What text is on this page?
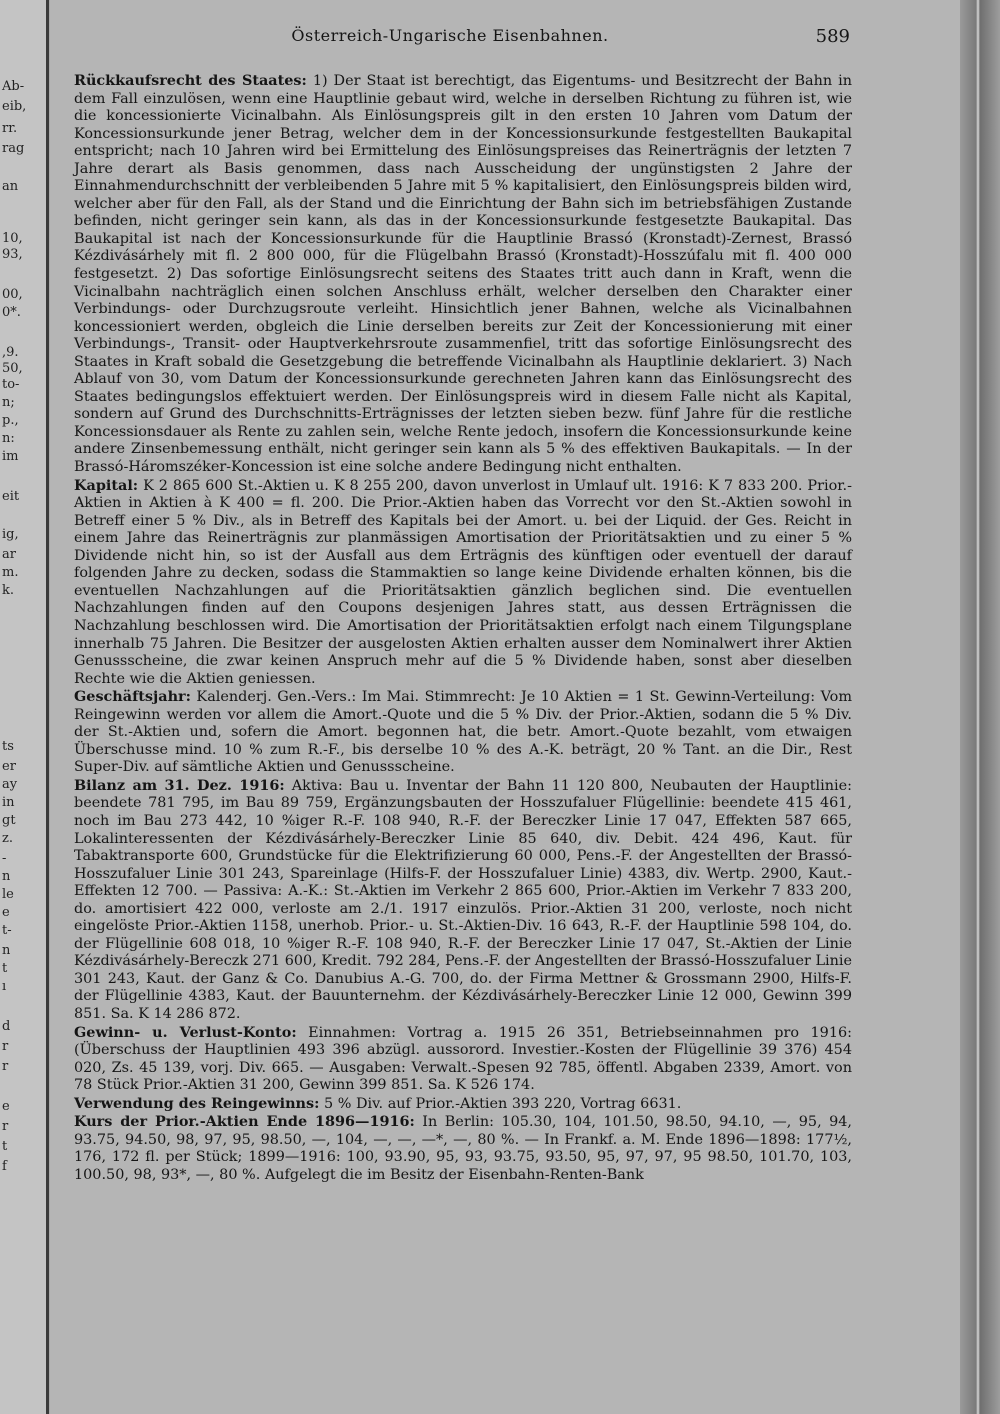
Ab-
eib,
rr.
rag
an
10,
93,
00,
0*.
,9.
50,
to-
n;
p.,
n:
im
eit
ig,
ar
m.
k.
ts
er
ay
in
gt
z.
-
n
le
e
t-
n
t
ı
d
r
r
e
r
t
f
Österreich-Ungarische Eisenbahnen.	589

Rückkaufsrecht des Staates: 1) Der Staat ist berechtigt, das Eigentums- und Besitzrecht der Bahn in dem Fall einzulösen, wenn eine Hauptlinie gebaut wird, welche in derselben Richtung zu führen ist, wie die koncessionierte Vicinalbahn. Als Einlösungspreis gilt in den ersten 10 Jahren vom Datum der Koncessionsurkunde jener Betrag, welcher dem in der Koncessionsurkunde festgestellten Baukapital entspricht; nach 10 Jahren wird bei Ermittelung des Einlösungspreises das Reinerträgnis der letzten 7 Jahre derart als Basis genommen, dass nach Ausscheidung der ungünstigsten 2 Jahre der Einnahmendurchschnitt der verbleibenden 5 Jahre mit 5 % kapitalisiert, den Einlösungspreis bilden wird, welcher aber für den Fall, als der Stand und die Einrichtung der Bahn sich im betriebsfähigen Zustande befinden, nicht geringer sein kann, als das in der Koncessionsurkunde festgesetzte Baukapital. Das Baukapital ist nach der Koncessionsurkunde für die Hauptlinie Brassó (Kronstadt)-Zernest, Brassó Kézdivásárhely mit fl. 2 800 000, für die Flügelbahn Brassó (Kronstadt)-Hosszúfalu mit fl. 400 000 festgesetzt. 2) Das sofortige Einlösungsrecht seitens des Staates tritt auch dann in Kraft, wenn die Vicinalbahn nachträglich einen solchen Anschluss erhält, welcher derselben den Charakter einer Verbindungs- oder Durchzugsroute verleiht. Hinsichtlich jener Bahnen, welche als Vicinalbahnen koncessioniert werden, obgleich die Linie derselben bereits zur Zeit der Koncessionierung mit einer Verbindungs-, Transit- oder Hauptverkehrsroute zusammenfiel, tritt das sofortige Einlösungsrecht des Staates in Kraft sobald die Gesetzgebung die betreffende Vicinalbahn als Hauptlinie deklariert. 3) Nach Ablauf von 30, vom Datum der Koncessionsurkunde gerechneten Jahren kann das Einlösungsrecht des Staates bedingungslos effektuiert werden. Der Einlösungspreis wird in diesem Falle nicht als Kapital, sondern auf Grund des Durchschnitts-Erträgnisses der letzten sieben bezw. fünf Jahre für die restliche Koncessionsdauer als Rente zu zahlen sein, welche Rente jedoch, insofern die Koncessionsurkunde keine andere Zinsenbemessung enthält, nicht geringer sein kann als 5 % des effektiven Baukapitals. — In der Brassó-Háromszéker-Koncession ist eine solche andere Bedingung nicht enthalten.

Kapital: K 2 865 600 St.-Aktien u. K 8 255 200, davon unverlost in Umlauf ult. 1916: K 7 833 200. Prior.-Aktien in Aktien à K 400 = fl. 200. Die Prior.-Aktien haben das Vorrecht vor den St.-Aktien sowohl in Betreff einer 5 % Div., als in Betreff des Kapitals bei der Amort. u. bei der Liquid. der Ges. Reicht in einem Jahre das Reinerträgnis zur planmässigen Amortisation der Prioritätsaktien und zu einer 5 % Dividende nicht hin, so ist der Ausfall aus dem Erträgnis des künftigen oder eventuell der darauf folgenden Jahre zu decken, sodass die Stammaktien so lange keine Dividende erhalten können, bis die eventuellen Nachzahlungen auf die Prioritätsaktien gänzlich beglichen sind. Die eventuellen Nachzahlungen finden auf den Coupons desjenigen Jahres statt, aus dessen Erträgnissen die Nachzahlung beschlossen wird. Die Amortisation der Prioritätsaktien erfolgt nach einem Tilgungsplane innerhalb 75 Jahren. Die Besitzer der ausgelosten Aktien erhalten ausser dem Nominalwert ihrer Aktien Genussscheine, die zwar keinen Anspruch mehr auf die 5 % Dividende haben, sonst aber dieselben Rechte wie die Aktien geniessen.

Geschäftsjahr: Kalenderj. Gen.-Vers.: Im Mai. Stimmrecht: Je 10 Aktien = 1 St. Gewinn-Verteilung: Vom Reingewinn werden vor allem die Amort.-Quote und die 5 % Div. der Prior.-Aktien, sodann die 5 % Div. der St.-Aktien und, sofern die Amort. begonnen hat, die betr. Amort.-Quote bezahlt, vom etwaigen Überschusse mind. 10 % zum R.-F., bis derselbe 10 % des A.-K. beträgt, 20 % Tant. an die Dir., Rest Super-Div. auf sämtliche Aktien und Genussscheine.

Bilanz am 31. Dez. 1916: Aktiva: Bau u. Inventar der Bahn 11 120 800, Neubauten der Hauptlinie: beendete 781 795, im Bau 89 759, Ergänzungsbauten der Hosszufaluer Flügellinie: beendete 415 461, noch im Bau 273 442, 10 %iger R.-F. 108 940, R.-F. der Bereczker Linie 17 047, Effekten 587 665, Lokalinteressenten der Kézdivásárhely-Bereczker Linie 85 640, div. Debit. 424 496, Kaut. für Tabaktransporte 600, Grundstücke für die Elektrifizierung 60 000, Pens.-F. der Angestellten der Brassó-Hosszufaluer Linie 301 243, Spareinlage (Hilfs-F. der Hosszufaluer Linie) 4383, div. Wertp. 2900, Kaut.-Effekten 12 700. — Passiva: A.-K.: St.-Aktien im Verkehr 2 865 600, Prior.-Aktien im Verkehr 7 833 200, do. amortisiert 422 000, verloste am 2./1. 1917 einzulös. Prior.-Aktien 31 200, verloste, noch nicht eingelöste Prior.-Aktien 1158, unerhob. Prior.- u. St.-Aktien-Div. 16 643, R.-F. der Hauptlinie 598 104, do. der Flügellinie 608 018, 10 %iger R.-F. 108 940, R.-F. der Bereczker Linie 17 047, St.-Aktien der Linie Kézdivásárhely-Bereczk 271 600, Kredit. 792 284, Pens.-F. der Angestellten der Brassó-Hosszufaluer Linie 301 243, Kaut. der Ganz & Co. Danubius A.-G. 700, do. der Firma Mettner & Grossmann 2900, Hilfs-F. der Flügellinie 4383, Kaut. der Bauunternehm. der Kézdivásárhely-Bereczker Linie 12 000, Gewinn 399 851. Sa. K 14 286 872.

Gewinn- u. Verlust-Konto: Einnahmen: Vortrag a. 1915 26 351, Betriebseinnahmen pro 1916: (Überschuss der Hauptlinien 493 396 abzügl. aussorord. Investier.-Kosten der Flügellinie 39 376) 454 020, Zs. 45 139, vorj. Div. 665. — Ausgaben: Verwalt.-Spesen 92 785, öffentl. Abgaben 2339, Amort. von 78 Stück Prior.-Aktien 31 200, Gewinn 399 851. Sa. K 526 174.

Verwendung des Reingewinns: 5 % Div. auf Prior.-Aktien 393 220, Vortrag 6631.

Kurs der Prior.-Aktien Ende 1896—1916: In Berlin: 105.30, 104, 101.50, 98.50, 94.10, —, 95, 94, 93.75, 94.50, 98, 97, 95, 98.50, —, 104, —, —, —*, —, 80 %. — In Frankf. a. M. Ende 1896—1898: 177½, 176, 172 fl. per Stück; 1899—1916: 100, 93.90, 95, 93, 93.75, 93.50, 95, 97, 97, 95 98.50, 101.70, 103, 100.50, 98, 93*, —, 80 %. Aufgelegt die im Besitz der Eisenbahn-Renten-Bank
